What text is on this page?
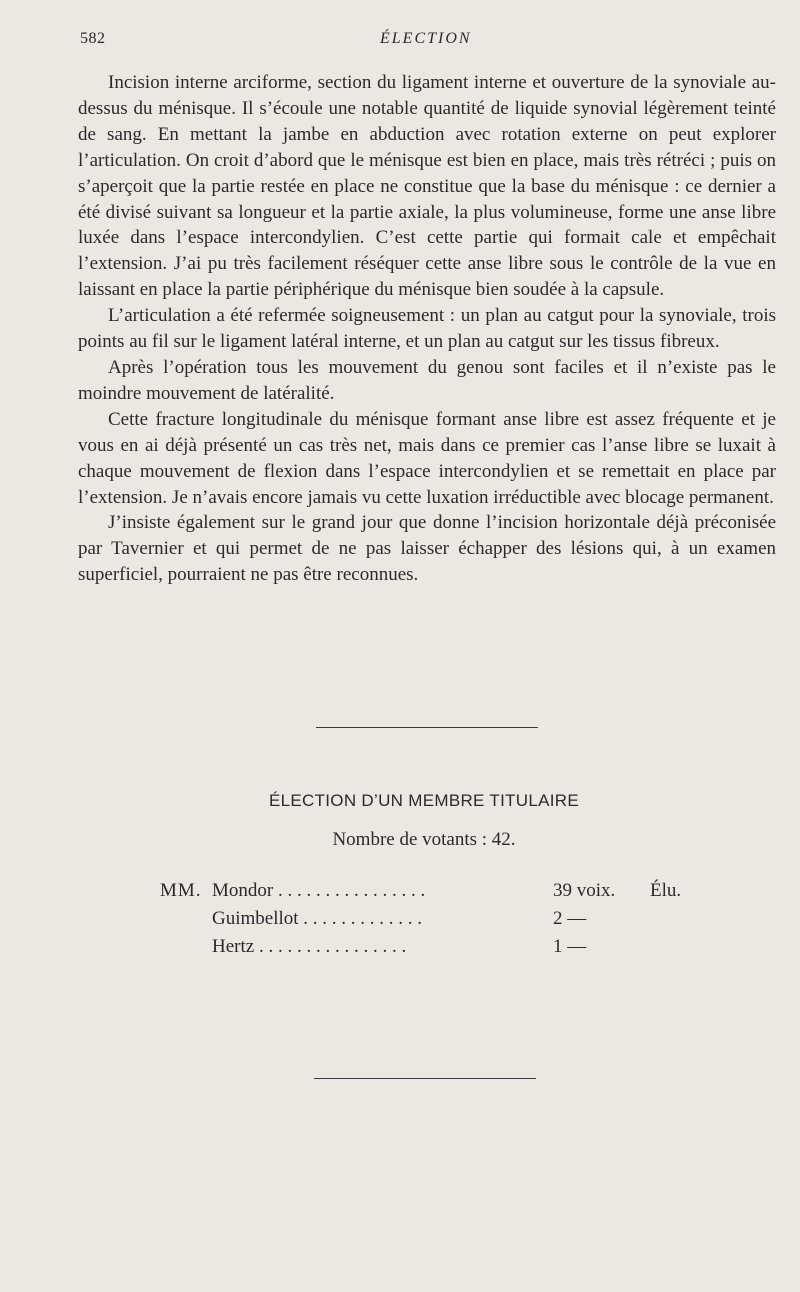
582	ÉLECTION

Incision interne arciforme, section du ligament interne et ouverture de la synoviale au-dessus du ménisque. Il s’écoule une notable quantité de liquide synovial légèrement teinté de sang. En mettant la jambe en abduction avec rotation externe on peut explorer l’articulation. On croit d’abord que le ménisque est bien en place, mais très rétréci ; puis on s’aperçoit que la partie restée en place ne constitue que la base du ménisque : ce dernier a été divisé suivant sa longueur et la partie axiale, la plus volumineuse, forme une anse libre luxée dans l’espace intercondylien. C’est cette partie qui formait cale et empêchait l’extension. J’ai pu très facilement réséquer cette anse libre sous le contrôle de la vue en laissant en place la partie périphérique du ménisque bien soudée à la capsule.

L’articulation a été refermée soigneusement : un plan au catgut pour la synoviale, trois points au fil sur le ligament latéral interne, et un plan au catgut sur les tissus fibreux.

Après l’opération tous les mouvement du genou sont faciles et il n’existe pas le moindre mouvement de latéralité.

Cette fracture longitudinale du ménisque formant anse libre est assez fréquente et je vous en ai déjà présenté un cas très net, mais dans ce premier cas l’anse libre se luxait à chaque mouvement de flexion dans l’espace intercondylien et se remettait en place par l’extension. Je n’avais encore jamais vu cette luxation irréductible avec blocage permanent.

J’insiste également sur le grand jour que donne l’incision horizontale déjà préconisée par Tavernier et qui permet de ne pas laisser échapper des lésions qui, à un examen superficiel, pourraient ne pas être reconnues.

ÉLECTION D’UN MEMBRE TITULAIRE
Nombre de votants : 42.
MM. Mondor . . . . . . . . . . . . . . . .	39 voix. Élu.
Guimbellot . . . . . . . . . . . . .	2 —
Hertz . . . . . . . . . . . . . . . .	1 —
